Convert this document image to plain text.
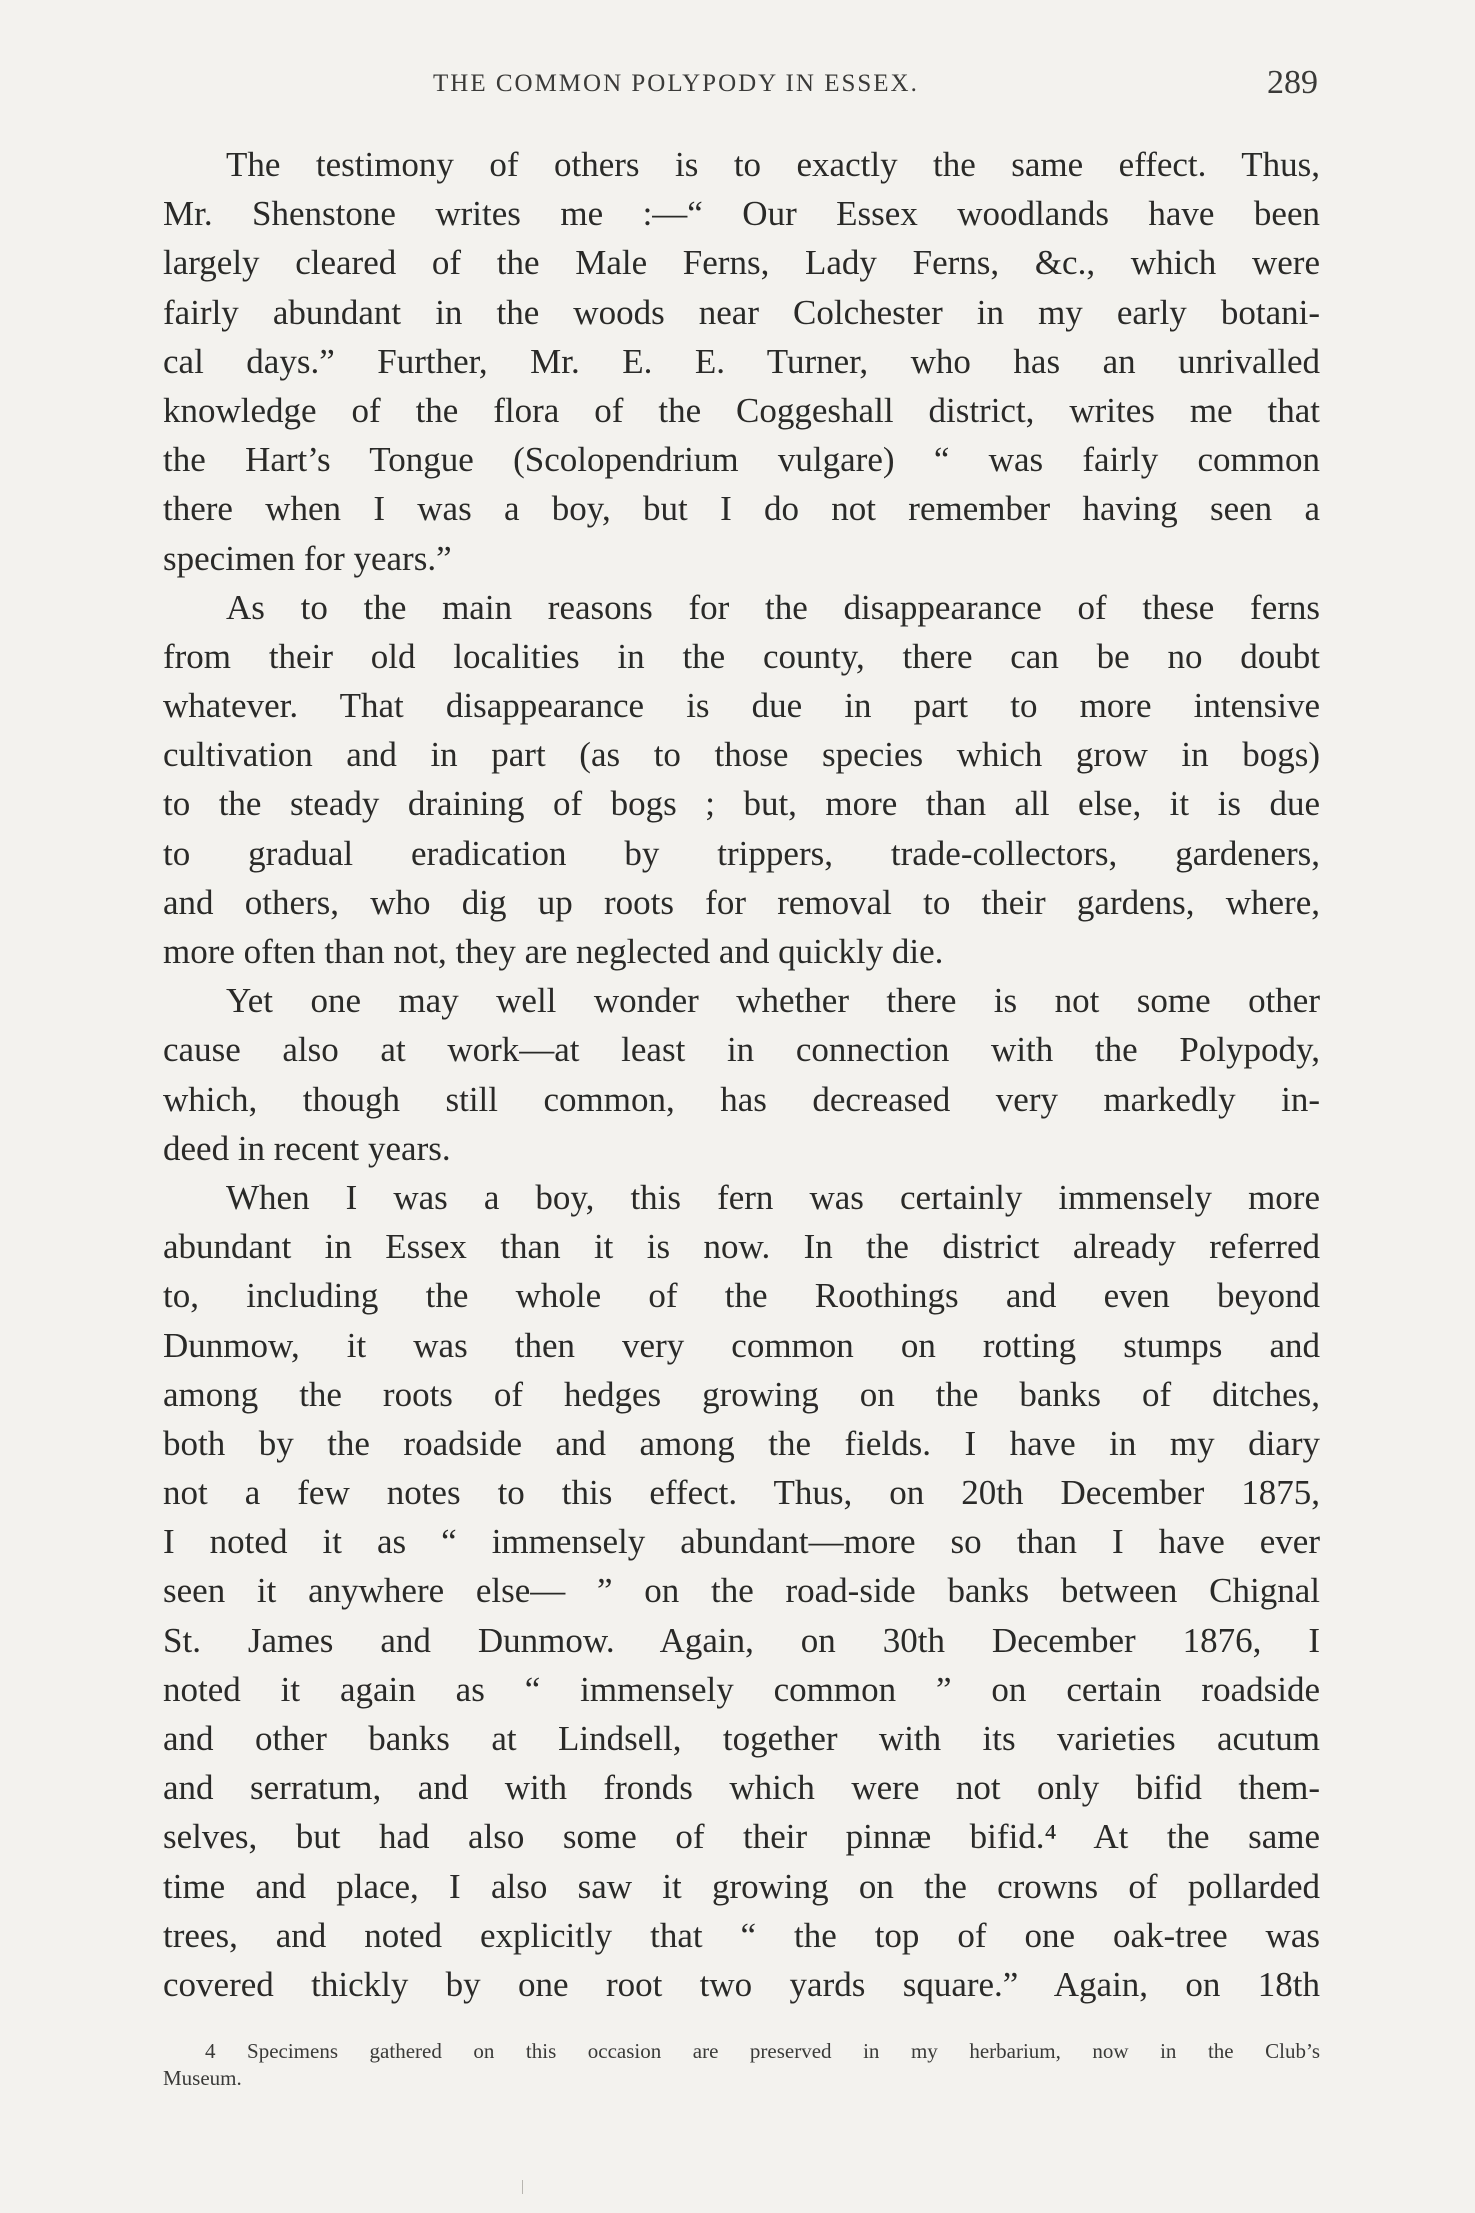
THE COMMON POLYPODY IN ESSEX.	289
The testimony of others is to exactly the same effect. Thus,
Mr. Shenstone writes me :—“ Our Essex woodlands have been
largely cleared of the Male Ferns, Lady Ferns, &c., which were
fairly abundant in the woods near Colchester in my early botani-
cal days.” Further, Mr. E. E. Turner, who has an unrivalled
knowledge of the flora of the Coggeshall district, writes me that
the Hart’s Tongue (Scolopendrium vulgare) “ was fairly common
there when I was a boy, but I do not remember having seen a
specimen for years.”
As to the main reasons for the disappearance of these ferns
from their old localities in the county, there can be no doubt
whatever. That disappearance is due in part to more intensive
cultivation and in part (as to those species which grow in bogs)
to the steady draining of bogs ; but, more than all else, it is due
to gradual eradication by trippers, trade-collectors, gardeners,
and others, who dig up roots for removal to their gardens, where,
more often than not, they are neglected and quickly die.
Yet one may well wonder whether there is not some other
cause also at work—at least in connection with the Polypody,
which, though still common, has decreased very markedly in-
deed in recent years.
When I was a boy, this fern was certainly immensely more
abundant in Essex than it is now. In the district already referred
to, including the whole of the Roothings and even beyond
Dunmow, it was then very common on rotting stumps and
among the roots of hedges growing on the banks of ditches,
both by the roadside and among the fields. I have in my diary
not a few notes to this effect. Thus, on 20th December 1875,
I noted it as “ immensely abundant—more so than I have ever
seen it anywhere else— ” on the road-side banks between Chignal
St. James and Dunmow. Again, on 30th December 1876, I
noted it again as “ immensely common ” on certain roadside
and other banks at Lindsell, together with its varieties acutum
and serratum, and with fronds which were not only bifid them-
selves, but had also some of their pinnæ bifid.⁴ At the same
time and place, I also saw it growing on the crowns of pollarded
trees, and noted explicitly that “ the top of one oak-tree was
covered thickly by one root two yards square.” Again, on 18th
4 Specimens gathered on this occasion are preserved in my herbarium, now in the Club’s
Museum.
